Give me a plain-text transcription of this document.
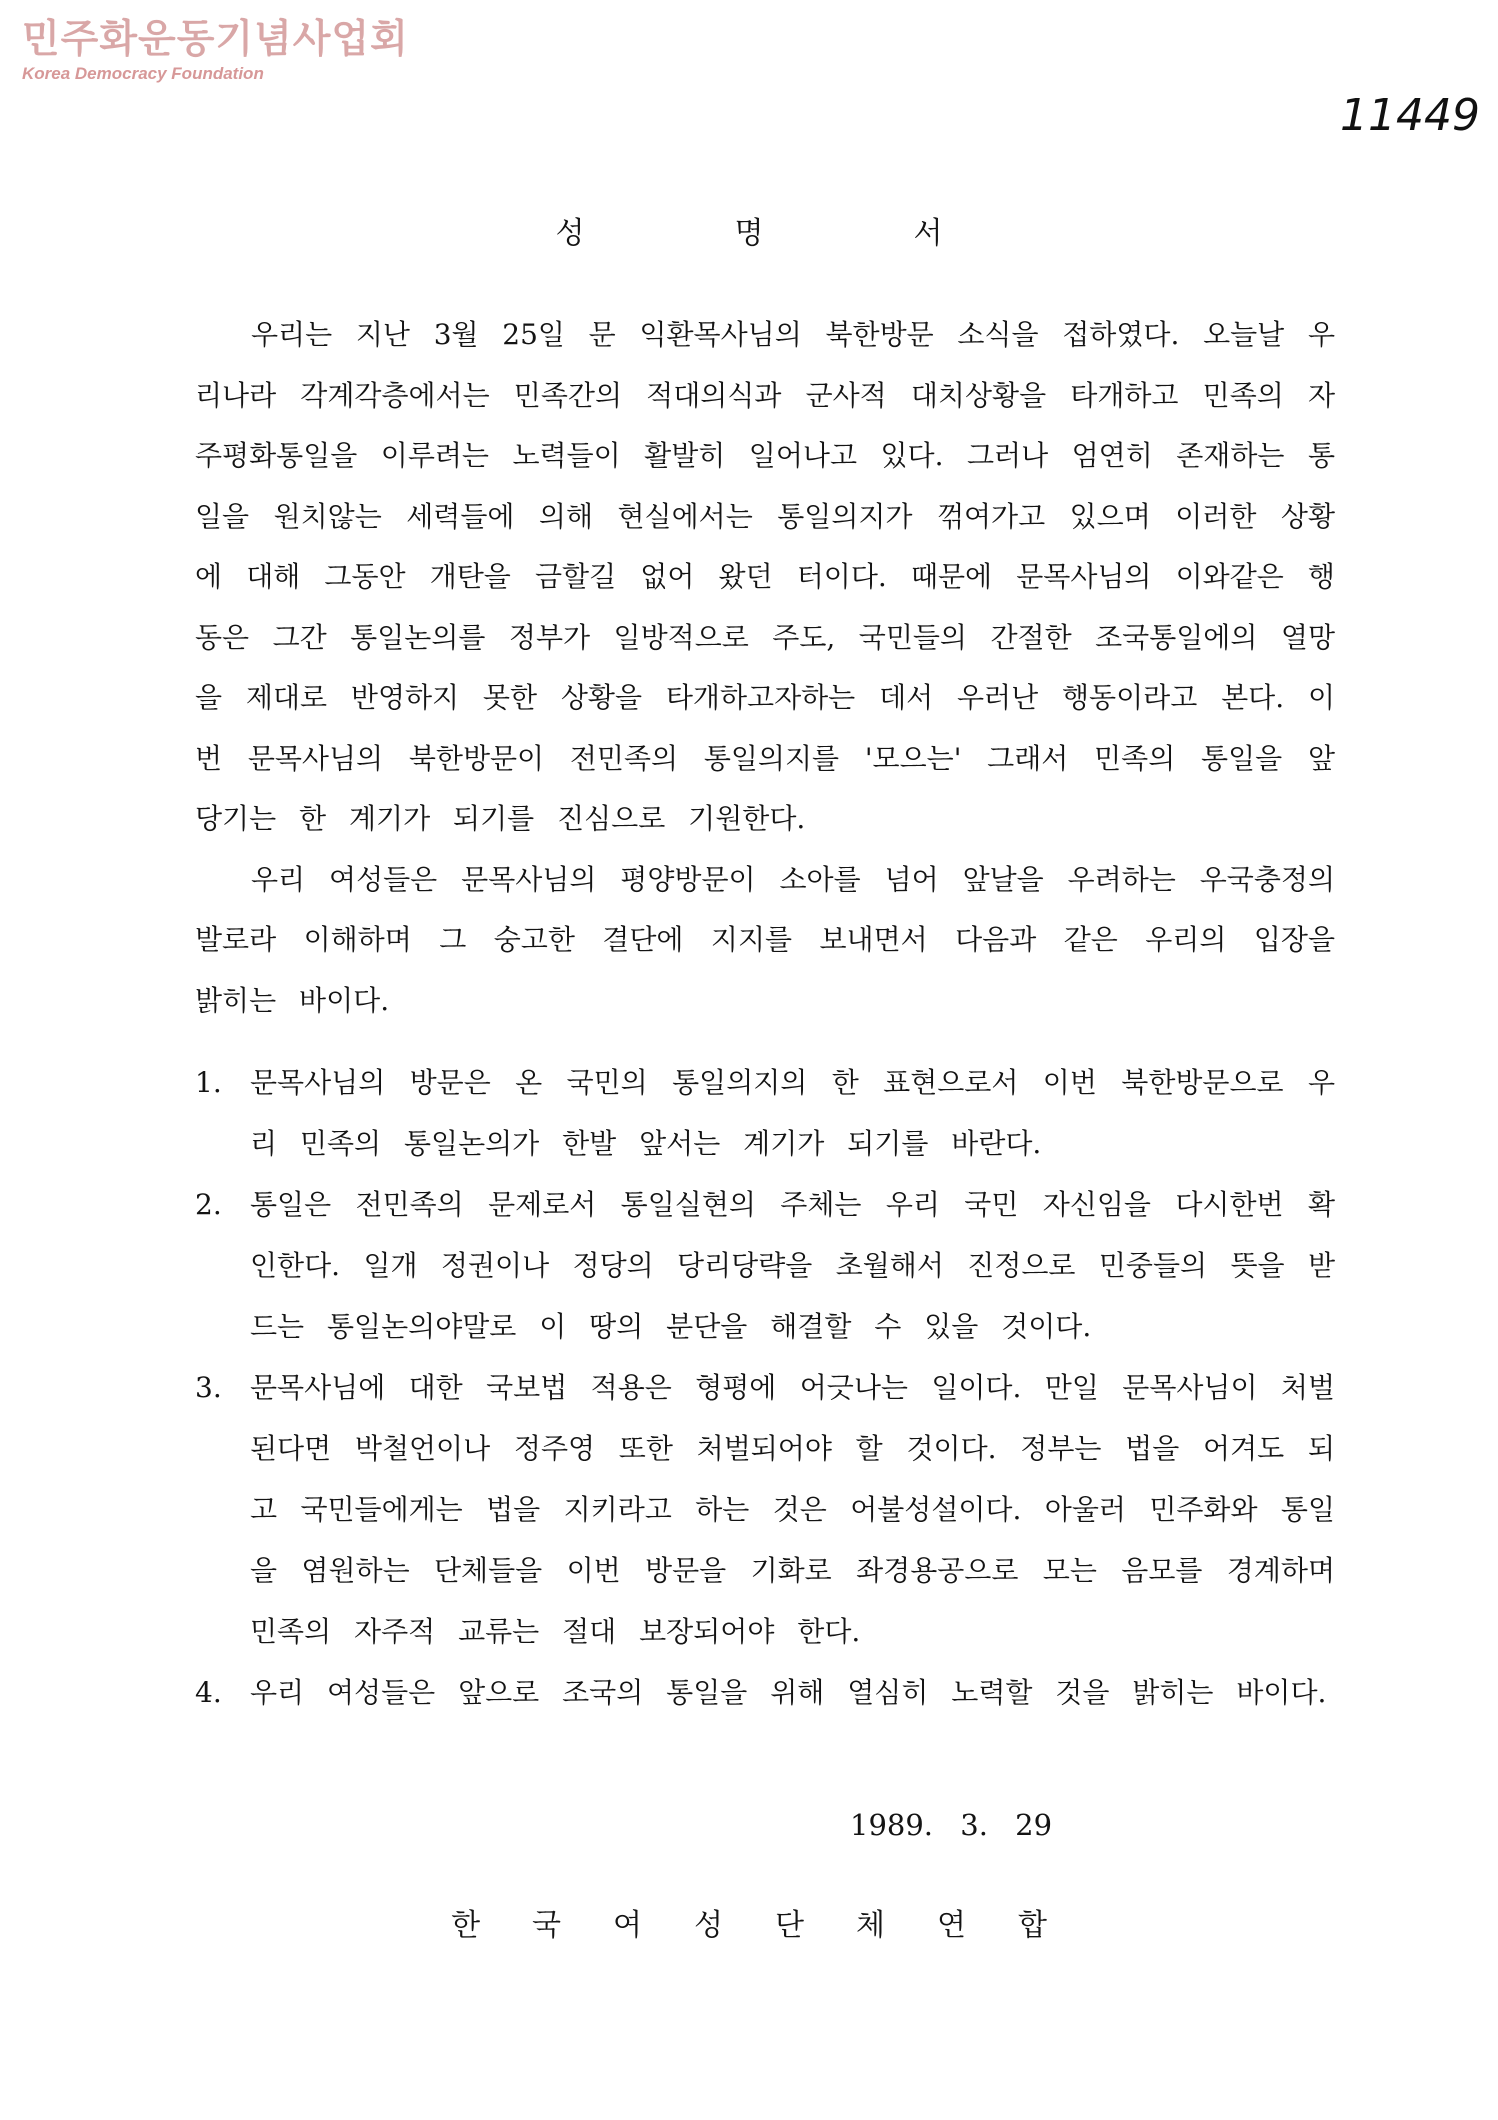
민주화운동기념사업회
Korea Democracy Foundation
11449
성명서

우리는 지난 3월 25일 문 익환목사님의 북한방문 소식을 접하였다. 오늘날 우리나라 각계각층에서는 민족간의 적대의식과 군사적 대치상황을 타개하고 민족의 자주평화통일을 이루려는 노력들이 활발히 일어나고 있다. 그러나 엄연히 존재하는 통일을 원치않는 세력들에 의해 현실에서는 통일의지가 꺾여가고 있으며 이러한 상황에 대해 그동안 개탄을 금할길 없어 왔던 터이다. 때문에 문목사님의 이와같은 행동은 그간 통일논의를 정부가 일방적으로 주도, 국민들의 간절한 조국통일에의 열망을 제대로 반영하지 못한 상황을 타개하고자하는 데서 우러난 행동이라고 본다. 이번 문목사님의 북한방문이 전민족의 통일의지를 '모으는' 그래서 민족의 통일을 앞당기는 한 계기가 되기를 진심으로 기원한다.

우리 여성들은 문목사님의 평양방문이 소아를 넘어 앞날을 우려하는 우국충정의 발로라 이해하며 그 숭고한 결단에 지지를 보내면서 다음과 같은 우리의 입장을 밝히는 바이다.

1. 문목사님의 방문은 온 국민의 통일의지의 한 표현으로서 이번 북한방문으로 우리 민족의 통일논의가 한발 앞서는 계기가 되기를 바란다.
2. 통일은 전민족의 문제로서 통일실현의 주체는 우리 국민 자신임을 다시한번 확인한다. 일개 정권이나 정당의 당리당략을 초월해서 진정으로 민중들의 뜻을 받드는 통일논의야말로 이 땅의 분단을 해결할 수 있을 것이다.
3. 문목사님에 대한 국보법 적용은 형평에 어긋나는 일이다. 만일 문목사님이 처벌된다면 박철언이나 정주영 또한 처벌되어야 할 것이다. 정부는 법을 어겨도 되고 국민들에게는 법을 지키라고 하는 것은 어불성설이다. 아울러 민주화와 통일을 염원하는 단체들을 이번 방문을 기화로 좌경용공으로 모는 음모를 경계하며 민족의 자주적 교류는 절대 보장되어야 한다.
4. 우리 여성들은 앞으로 조국의 통일을 위해 열심히 노력할 것을 밝히는 바이다.
1989. 3. 29
한국여성단체연합
